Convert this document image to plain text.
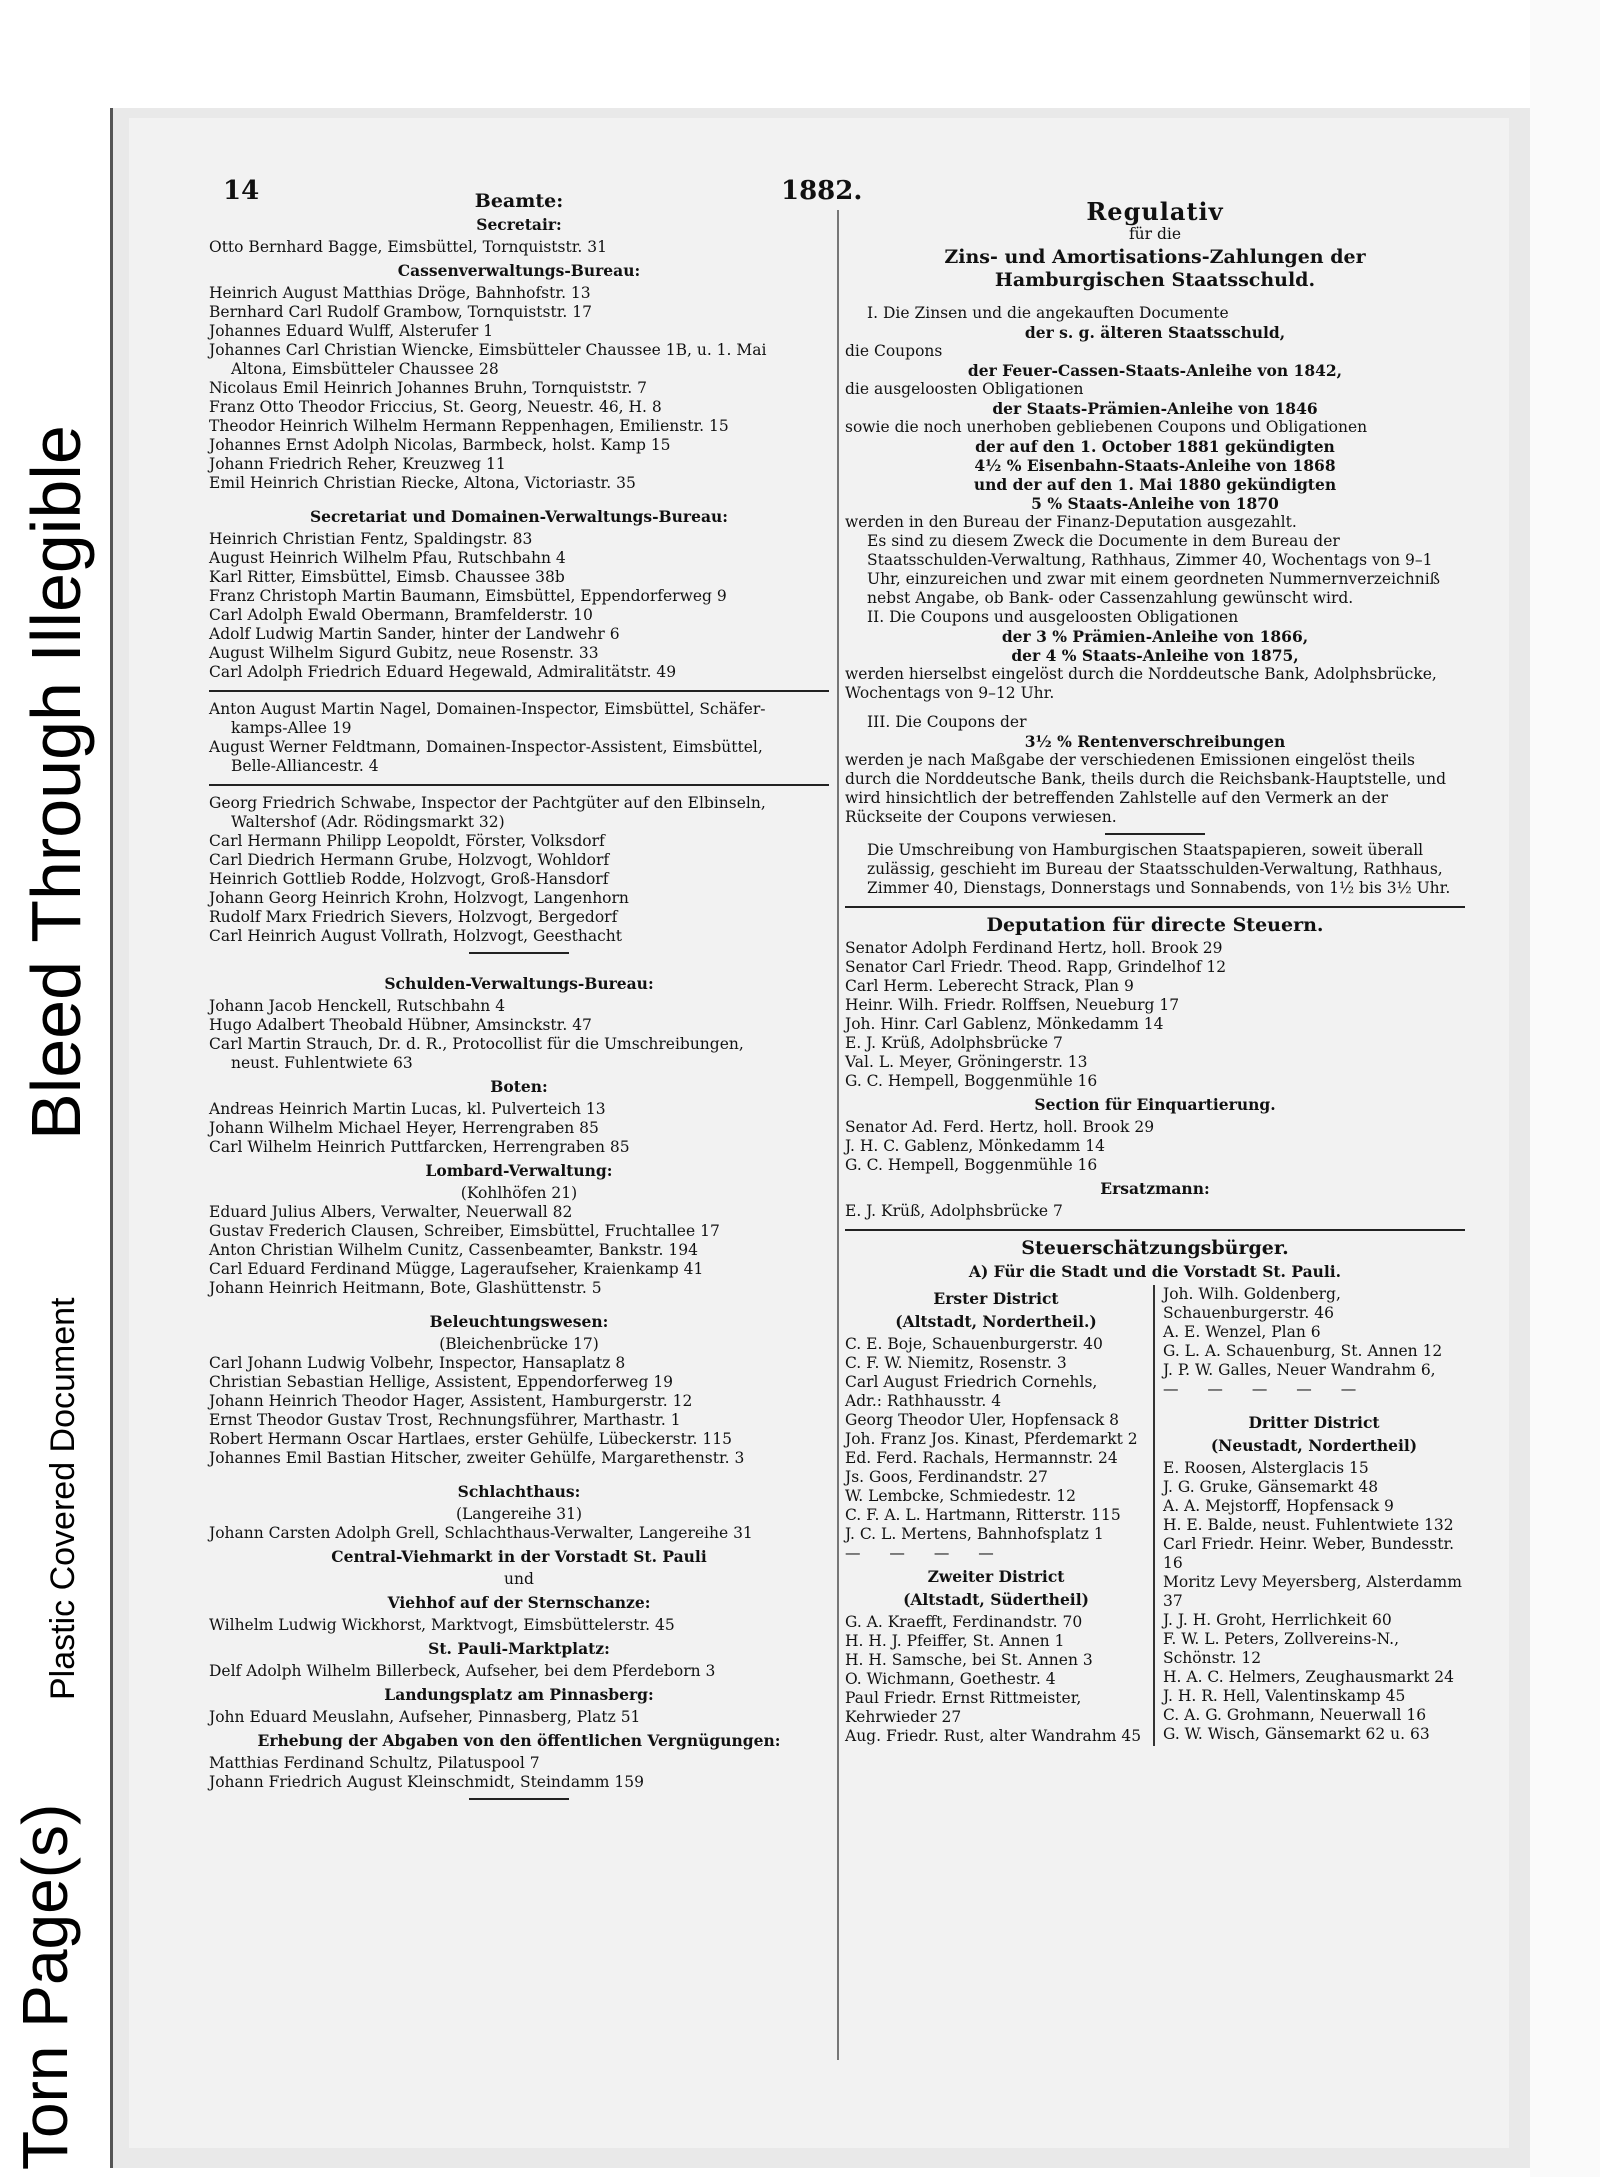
Torn Page(s)
Plastic Covered Document
Bleed Through Illegible
14	1882.
Beamte:
Secretair:

Otto Bernhard Bagge, Eimsbüttel, Tornquiststr. 31

Cassenverwaltungs-Bureau:

Heinrich August Matthias Dröge, Bahnhofstr. 13

Bernhard Carl Rudolf Grambow, Tornquiststr. 17

Johannes Eduard Wulff, Alsterufer 1

Johannes Carl Christian Wiencke, Eimsbütteler Chaussee 1B, u. 1. Mai

Altona, Eimsbütteler Chaussee 28

Nicolaus Emil Heinrich Johannes Bruhn, Tornquiststr. 7

Franz Otto Theodor Friccius, St. Georg, Neuestr. 46, H. 8

Theodor Heinrich Wilhelm Hermann Reppenhagen, Emilienstr. 15

Johannes Ernst Adolph Nicolas, Barmbeck, holst. Kamp 15

Johann Friedrich Reher, Kreuzweg 11

Emil Heinrich Christian Riecke, Altona, Victoriastr. 35

Secretariat und Domainen-Verwaltungs-Bureau:

Heinrich Christian Fentz, Spaldingstr. 83

August Heinrich Wilhelm Pfau, Rutschbahn 4

Karl Ritter, Eimsbüttel, Eimsb. Chaussee 38b

Franz Christoph Martin Baumann, Eimsbüttel, Eppendorferweg 9

Carl Adolph Ewald Obermann, Bramfelderstr. 10

Adolf Ludwig Martin Sander, hinter der Landwehr 6

August Wilhelm Sigurd Gubitz, neue Rosenstr. 33

Carl Adolph Friedrich Eduard Hegewald, Admiralitätstr. 49

Anton August Martin Nagel, Domainen-Inspector, Eimsbüttel, Schäfer-

kamps-Allee 19

August Werner Feldtmann, Domainen-Inspector-Assistent, Eimsbüttel,

Belle-Alliancestr. 4

Georg Friedrich Schwabe, Inspector der Pachtgüter auf den Elbinseln,

Waltershof (Adr. Rödingsmarkt 32)

Carl Hermann Philipp Leopoldt, Förster, Volksdorf

Carl Diedrich Hermann Grube, Holzvogt, Wohldorf

Heinrich Gottlieb Rodde, Holzvogt, Groß-Hansdorf

Johann Georg Heinrich Krohn, Holzvogt, Langenhorn

Rudolf Marx Friedrich Sievers, Holzvogt, Bergedorf

Carl Heinrich August Vollrath, Holzvogt, Geesthacht

Schulden-Verwaltungs-Bureau:

Johann Jacob Henckell, Rutschbahn 4

Hugo Adalbert Theobald Hübner, Amsinckstr. 47

Carl Martin Strauch, Dr. d. R., Protocollist für die Umschreibungen,

neust. Fuhlentwiete 63

Boten:

Andreas Heinrich Martin Lucas, kl. Pulverteich 13

Johann Wilhelm Michael Heyer, Herrengraben 85

Carl Wilhelm Heinrich Puttfarcken, Herrengraben 85

Lombard-Verwaltung:
(Kohlhöfen 21)

Eduard Julius Albers, Verwalter, Neuerwall 82

Gustav Frederich Clausen, Schreiber, Eimsbüttel, Fruchtallee 17

Anton Christian Wilhelm Cunitz, Cassenbeamter, Bankstr. 194

Carl Eduard Ferdinand Mügge, Lageraufseher, Kraienkamp 41

Johann Heinrich Heitmann, Bote, Glashüttenstr. 5

Beleuchtungswesen:
(Bleichenbrücke 17)

Carl Johann Ludwig Volbehr, Inspector, Hansaplatz 8

Christian Sebastian Hellige, Assistent, Eppendorferweg 19

Johann Heinrich Theodor Hager, Assistent, Hamburgerstr. 12

Ernst Theodor Gustav Trost, Rechnungsführer, Marthastr. 1

Robert Hermann Oscar Hartlaes, erster Gehülfe, Lübeckerstr. 115

Johannes Emil Bastian Hitscher, zweiter Gehülfe, Margarethenstr. 3

Schlachthaus:
(Langereihe 31)

Johann Carsten Adolph Grell, Schlachthaus-Verwalter, Langereihe 31

Central-Viehmarkt in der Vorstadt St. Pauli
und
Viehhof auf der Sternschanze:

Wilhelm Ludwig Wickhorst, Marktvogt, Eimsbüttelerstr. 45

St. Pauli-Marktplatz:

Delf Adolph Wilhelm Billerbeck, Aufseher, bei dem Pferdeborn 3

Landungsplatz am Pinnasberg:

John Eduard Meuslahn, Aufseher, Pinnasberg, Platz 51

Erhebung der Abgaben von den öffentlichen Vergnügungen:

Matthias Ferdinand Schultz, Pilatuspool 7

Johann Friedrich August Kleinschmidt, Steindamm 159

Regulativ
für die
Zins- und Amortisations-Zahlungen der
Hamburgischen Staatsschuld.

I. Die Zinsen und die angekauften Documente

der s. g. älteren Staatsschuld,

die Coupons

der Feuer-Cassen-Staats-Anleihe von 1842,

die ausgeloosten Obligationen

der Staats-Prämien-Anleihe von 1846

sowie die noch unerhoben gebliebenen Coupons und Obligationen

der auf den 1. October 1881 gekündigten

4½ % Eisenbahn-Staats-Anleihe von 1868

und der auf den 1. Mai 1880 gekündigten

5 % Staats-Anleihe von 1870

werden in den Bureau der Finanz-Deputation ausgezahlt.

Es sind zu diesem Zweck die Documente in dem Bureau der Staatsschulden-Verwaltung, Rathhaus, Zimmer 40, Wochentags von 9–1 Uhr, einzureichen und zwar mit einem geordneten Nummernverzeichniß nebst Angabe, ob Bank- oder Cassenzahlung gewünscht wird.

II. Die Coupons und ausgeloosten Obligationen

der 3 % Prämien-Anleihe von 1866,

der 4 % Staats-Anleihe von 1875,

werden hierselbst eingelöst durch die Norddeutsche Bank, Adolphsbrücke, Wochentags von 9–12 Uhr.

III. Die Coupons der

3½ % Rentenverschreibungen

werden je nach Maßgabe der verschiedenen Emissionen eingelöst theils durch die Norddeutsche Bank, theils durch die Reichsbank-Hauptstelle, und wird hinsichtlich der betreffenden Zahlstelle auf den Vermerk an der Rückseite der Coupons verwiesen.

Die Umschreibung von Hamburgischen Staatspapieren, soweit überall zulässig, geschieht im Bureau der Staatsschulden-Verwaltung, Rathhaus, Zimmer 40, Dienstags, Donnerstags und Sonnabends, von 1½ bis 3½ Uhr.

Deputation für directe Steuern.

Senator Adolph Ferdinand Hertz, holl. Brook 29

Senator Carl Friedr. Theod. Rapp, Grindelhof 12

Carl Herm. Leberecht Strack, Plan 9

Heinr. Wilh. Friedr. Rolffsen, Neueburg 17

Joh. Hinr. Carl Gablenz, Mönkedamm 14

E. J. Krüß, Adolphsbrücke 7

Val. L. Meyer, Gröningerstr. 13

G. C. Hempell, Boggenmühle 16

Section für Einquartierung.

Senator Ad. Ferd. Hertz, holl. Brook 29

J. H. C. Gablenz, Mönkedamm 14

G. C. Hempell, Boggenmühle 16

Ersatzmann:

E. J. Krüß, Adolphsbrücke 7

Steuerschätzungsbürger.
A) Für die Stadt und die Vorstadt St. Pauli.
Erster District
(Altstadt, Nordertheil.)

C. E. Boje, Schauenburgerstr. 40

C. F. W. Niemitz, Rosenstr. 3

Carl August Friedrich Cornehls,

Adr.: Rathhausstr. 4

Georg Theodor Uler, Hopfensack 8

Joh. Franz Jos. Kinast, Pferdemarkt 2

Ed. Ferd. Rachals, Hermannstr. 24

Js. Goos, Ferdinandstr. 27

W. Lembcke, Schmiedestr. 12

C. F. A. L. Hartmann, Ritterstr. 115

J. C. L. Mertens, Bahnhofsplatz 1

— — — —

Zweiter District
(Altstadt, Südertheil)

G. A. Kraefft, Ferdinandstr. 70

H. H. J. Pfeiffer, St. Annen 1

H. H. Samsche, bei St. Annen 3

O. Wichmann, Goethestr. 4

Paul Friedr. Ernst Rittmeister,

Kehrwieder 27

Aug. Friedr. Rust, alter Wandrahm 45

Joh. Wilh. Goldenberg, Schauenburgerstr. 46

A. E. Wenzel, Plan 6

G. L. A. Schauenburg, St. Annen 12

J. P. W. Galles, Neuer Wandrahm 6,

— — — — —

Dritter District
(Neustadt, Nordertheil)

E. Roosen, Alsterglacis 15

J. G. Gruke, Gänsemarkt 48

A. A. Mejstorff, Hopfensack 9

H. E. Balde, neust. Fuhlentwiete 132

Carl Friedr. Heinr. Weber, Bundesstr. 16

Moritz Levy Meyersberg, Alsterdamm 37

J. J. H. Groht, Herrlichkeit 60

F. W. L. Peters, Zollvereins-N., Schönstr. 12

H. A. C. Helmers, Zeughausmarkt 24

J. H. R. Hell, Valentinskamp 45

C. A. G. Grohmann, Neuerwall 16

G. W. Wisch, Gänsemarkt 62 u. 63
